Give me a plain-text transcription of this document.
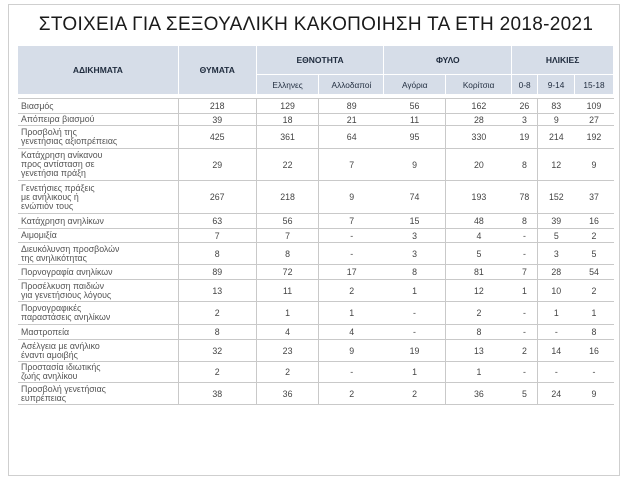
ΣΤΟΙΧΕΙΑ ΓΙΑ ΣΕΞΟΥΑΛΙΚΗ ΚΑΚΟΠΟΙΗΣΗ ΤΑ ΕΤΗ 2018-2021
ΑΔΙΚΗΜΑΤΑ	ΘΥΜΑΤΑ	ΕΘΝΟΤΗΤΑ		ΦΥΛΟ		ΗΛΙΚΙΕΣ		
		Ελληνες	Αλλοδαποί	Αγόρια	Κορίτσια	0-8	9-14	15-18

Βιασμός	218	129	89	56	162	26	83	109

Απόπειρα βιασμού	39	18	21	11	28	3	9	27

Προσβολή της
γενετήσιας αξιοπρέπειας	425	361	64	95	330	19	214	192

Κατάχρηση ανίκανου
προς αντίσταση σε
γενετήσια πράξη	29	22	7	9	20	8	12	9

Γενετήσιες πράξεις
με ανήλικους ή
ενώπιόν τους	267	218	9	74	193	78	152	37

Κατάχρηση ανηλίκων	63	56	7	15	48	8	39	16

Αιμομιξία	7	7	-	3	4	-	5	2

Διευκόλυνση προσβολών
της ανηλικότητας	8	8	-	3	5	-	3	5

Πορνογραφία ανηλίκων	89	72	17	8	81	7	28	54

Προσέλκυση παιδιών
για γενετήσιους λόγους	13	11	2	1	12	1	10	2

Πορνογραφικές
παραστάσεις ανηλίκων	2	1	1	-	2	-	1	1

Μαστροπεία	8	4	4	-	8	-	-	8

Ασέλγεια με ανήλικο
έναντι αμοιβής	32	23	9	19	13	2	14	16

Προστασία ιδιωτικής
ζωής ανηλίκου	2	2	-	1	1	-	-	-

Προσβολή γενετήσιας
ευπρέπειας	38	36	2	2	36	5	24	9
